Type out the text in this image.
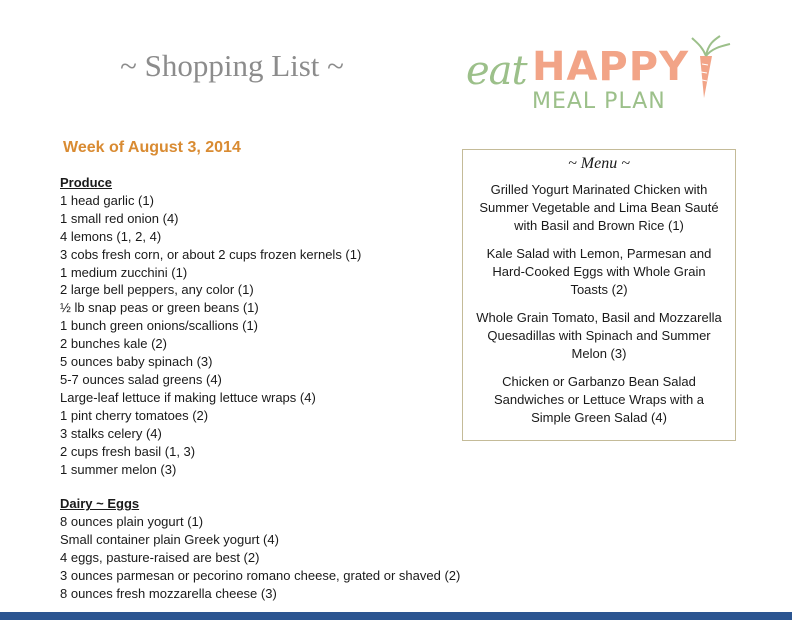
~ Shopping List ~	eat HAPPY
MEAL PLAN
Week of August 3, 2014
Produce
1 head garlic (1)
1 small red onion (4)
4 lemons (1, 2, 4)
3 cobs fresh corn, or about 2 cups frozen kernels (1)
1 medium zucchini (1)
2 large bell peppers, any color (1)
½ lb snap peas or green beans (1)
1 bunch green onions/scallions (1)
2 bunches kale (2)
5 ounces baby spinach (3)
5-7 ounces salad greens (4)
Large-leaf lettuce if making lettuce wraps (4)
1 pint cherry tomatoes (2)
3 stalks celery (4)
2 cups fresh basil (1, 3)
1 summer melon (3)
Dairy ~ Eggs
8 ounces plain yogurt (1)
Small container plain Greek yogurt (4)
4 eggs, pasture-raised are best (2)
3 ounces parmesan or pecorino romano cheese, grated or shaved (2)
8 ounces fresh mozzarella cheese (3)
~ Menu ~
Grilled Yogurt Marinated Chicken with Summer Vegetable and Lima Bean Sauté with Basil and Brown Rice (1)
Kale Salad with Lemon, Parmesan and Hard-Cooked Eggs with Whole Grain Toasts (2)
Whole Grain Tomato, Basil and Mozzarella Quesadillas with Spinach and Summer Melon (3)
Chicken or Garbanzo Bean Salad Sandwiches or Lettuce Wraps with a Simple Green Salad (4)
